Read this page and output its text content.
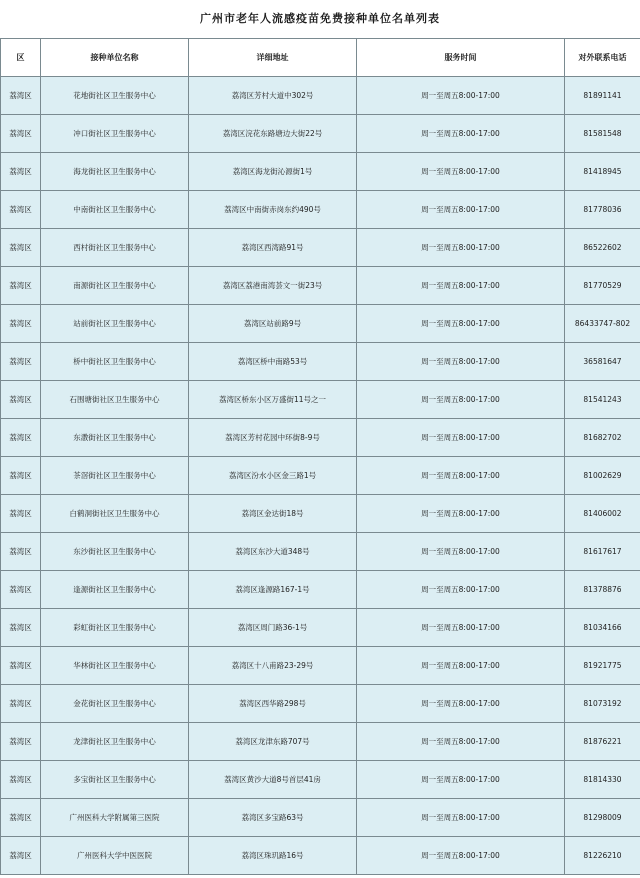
广州市老年人流感疫苗免费接种单位名单列表
区	接种单位名称	详细地址	服务时间	对外联系电话
荔湾区	花地街社区卫生服务中心	荔湾区芳村大道中302号	周一至周五8:00-17:00	81891141
荔湾区	冲口街社区卫生服务中心	荔湾区浣花东路塘边大街22号	周一至周五8:00-17:00	81581548
荔湾区	海龙街社区卫生服务中心	荔湾区海龙街沁源街1号	周一至周五8:00-17:00	81418945
荔湾区	中南街社区卫生服务中心	荔湾区中南街赤岗东约490号	周一至周五8:00-17:00	81778036
荔湾区	西村街社区卫生服务中心	荔湾区西湾路91号	周一至周五8:00-17:00	86522602
荔湾区	南源街社区卫生服务中心	荔湾区荔港南湾荟文一街23号	周一至周五8:00-17:00	81770529
荔湾区	站前街社区卫生服务中心	荔湾区站前路9号	周一至周五8:00-17:00	86433747-802
荔湾区	桥中街社区卫生服务中心	荔湾区桥中南路53号	周一至周五8:00-17:00	36581647
荔湾区	石围塘街社区卫生服务中心	荔湾区桥东小区万盛街11号之一	周一至周五8:00-17:00	81541243
荔湾区	东漖街社区卫生服务中心	荔湾区芳村花园中环街8-9号	周一至周五8:00-17:00	81682702
荔湾区	茶滘街社区卫生服务中心	荔湾区汾水小区金三路1号	周一至周五8:00-17:00	81002629
荔湾区	白鹤洞街社区卫生服务中心	荔湾区金达街18号	周一至周五8:00-17:00	81406002
荔湾区	东沙街社区卫生服务中心	荔湾区东沙大道348号	周一至周五8:00-17:00	81617617
荔湾区	逢源街社区卫生服务中心	荔湾区逢源路167-1号	周一至周五8:00-17:00	81378876
荔湾区	彩虹街社区卫生服务中心	荔湾区周门路36-1号	周一至周五8:00-17:00	81034166
荔湾区	华林街社区卫生服务中心	荔湾区十八甫路23-29号	周一至周五8:00-17:00	81921775
荔湾区	金花街社区卫生服务中心	荔湾区西华路298号	周一至周五8:00-17:00	81073192
荔湾区	龙津街社区卫生服务中心	荔湾区龙津东路707号	周一至周五8:00-17:00	81876221
荔湾区	多宝街社区卫生服务中心	荔湾区黄沙大道8号首层41房	周一至周五8:00-17:00	81814330
荔湾区	广州医科大学附属第三医院	荔湾区多宝路63号	周一至周五8:00-17:00	81298009
荔湾区	广州医科大学中医医院	荔湾区珠玑路16号	周一至周五8:00-17:00	81226210
